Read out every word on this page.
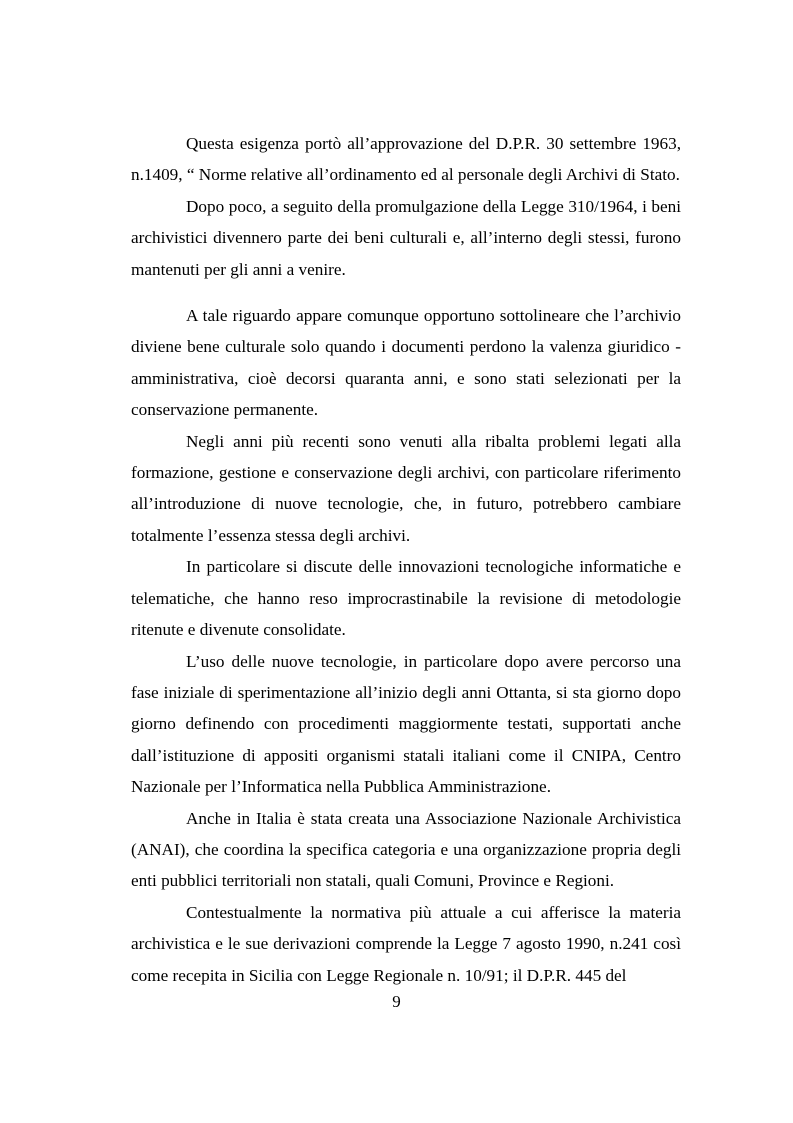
Questa esigenza portò all’approvazione del D.P.R. 30 settembre 1963, n.1409, “ Norme relative all’ordinamento ed al personale degli Archivi di Stato.

Dopo poco, a seguito della promulgazione della Legge 310/1964, i beni archivistici divennero parte dei beni culturali e, all’interno degli stessi, furono mantenuti per gli anni a venire.

A tale riguardo appare comunque opportuno sottolineare che l’archivio diviene bene culturale solo quando i documenti perdono la valenza giuridico - amministrativa, cioè decorsi quaranta anni, e sono stati selezionati per la conservazione permanente.

Negli anni più recenti sono venuti alla ribalta problemi legati alla formazione, gestione e conservazione degli archivi, con particolare riferimento all’introduzione di nuove tecnologie, che, in futuro, potrebbero cambiare totalmente l’essenza stessa degli archivi.

In particolare si discute delle innovazioni tecnologiche informatiche e telematiche, che hanno reso improcrastinabile la revisione di metodologie ritenute e divenute consolidate.

L’uso delle nuove tecnologie, in particolare dopo avere percorso una fase iniziale di sperimentazione all’inizio degli anni Ottanta, si sta giorno dopo giorno definendo con procedimenti maggiormente testati, supportati anche dall’istituzione di appositi organismi statali italiani come il CNIPA, Centro Nazionale per l’Informatica nella Pubblica Amministrazione.

Anche in Italia è stata creata una Associazione Nazionale Archivistica (ANAI), che coordina la specifica categoria e una organizzazione propria degli enti pubblici territoriali non statali, quali Comuni, Province e Regioni.

Contestualmente la normativa più attuale a cui afferisce la materia archivistica e le sue derivazioni comprende la Legge 7 agosto 1990, n.241 così come recepita in Sicilia con Legge Regionale n. 10/91; il D.P.R. 445 del

9
